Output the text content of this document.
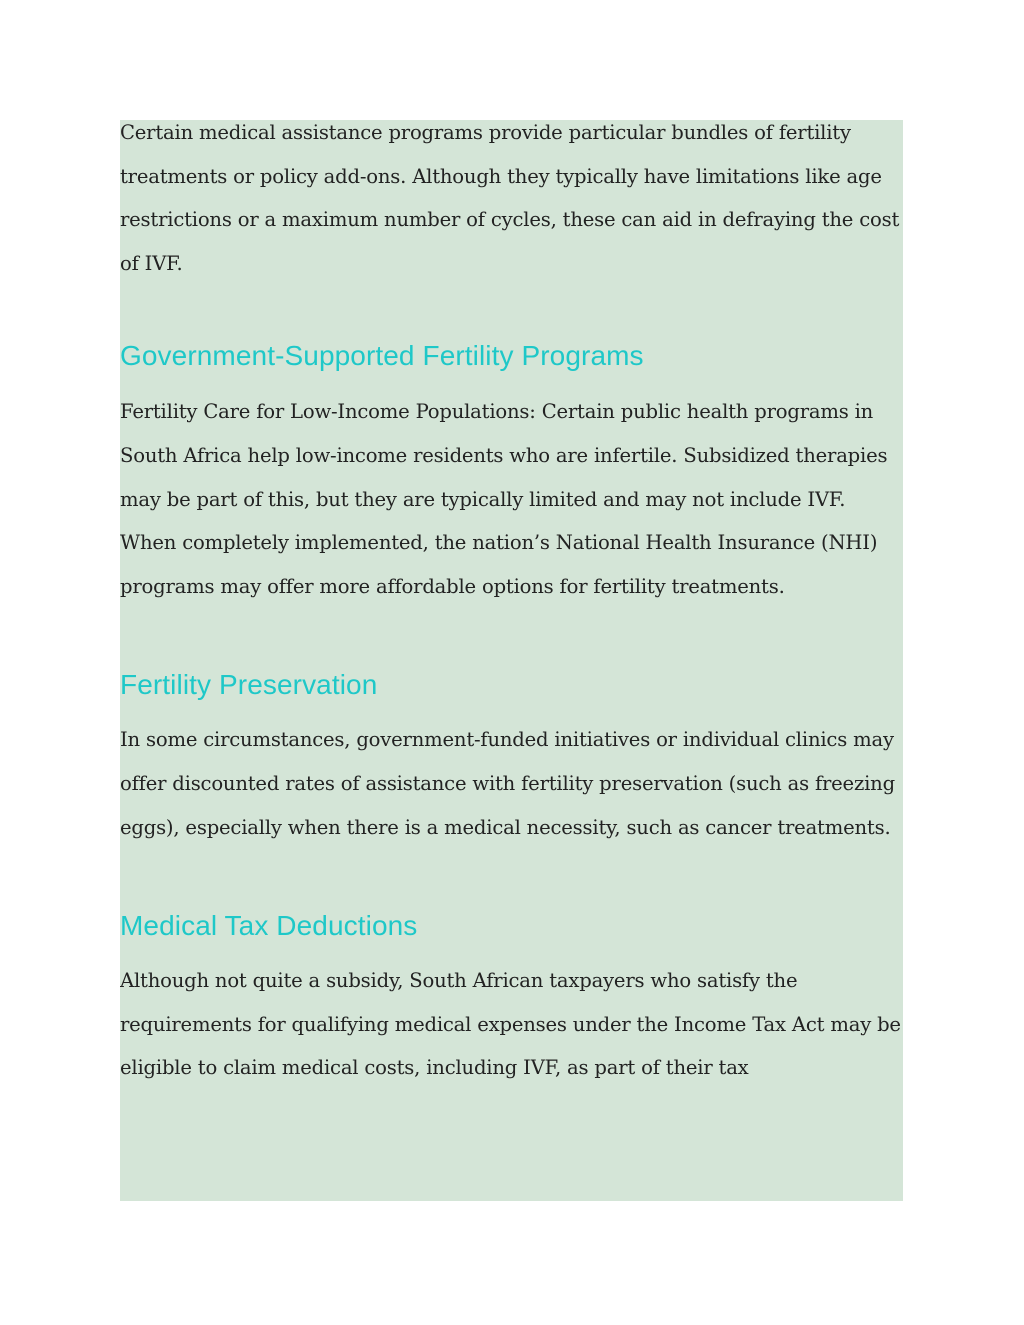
Certain medical assistance programs provide particular bundles of fertility treatments or policy add-ons. Although they typically have limitations like age restrictions or a maximum number of cycles, these can aid in defraying the cost of IVF.

Government-Supported Fertility Programs

Fertility Care for Low-Income Populations: Certain public health programs in South Africa help low-income residents who are infertile. Subsidized therapies may be part of this, but they are typically limited and may not include IVF. When completely implemented, the nation’s National Health Insurance (NHI) programs may offer more affordable options for fertility treatments.

Fertility Preservation

In some circumstances, government-funded initiatives or individual clinics may offer discounted rates of assistance with fertility preservation (such as freezing eggs), especially when there is a medical necessity, such as cancer treatments.

Medical Tax Deductions

Although not quite a subsidy, South African taxpayers who satisfy the requirements for qualifying medical expenses under the Income Tax Act may be eligible to claim medical costs, including IVF, as part of their tax
